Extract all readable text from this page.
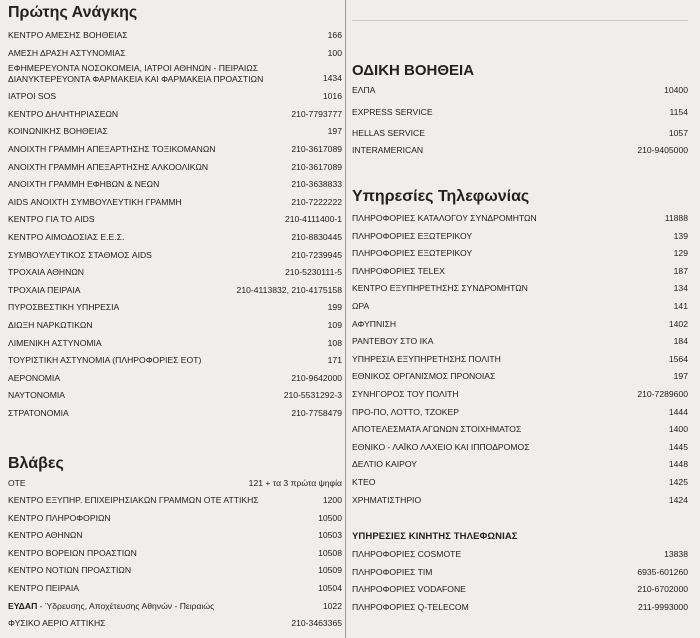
Πρώτης Ανάγκης
ΚΕΝΤΡΟ ΑΜΕΣΗΣ ΒΟΗΘΕΙΑΣ	166
ΑΜΕΣΗ ΔΡΑΣΗ ΑΣΤΥΝΟΜΙΑΣ	100
ΕΦΗΜΕΡΕΥΟΝΤΑ ΝΟΣΟΚΟΜΕΙΑ, ΙΑΤΡΟΙ ΑΘΗΝΩΝ - ΠΕΙΡΑΙΩΣ ΔΙΑΝΥΚΤΕΡΕΥΟΝΤΑ ΦΑΡΜΑΚΕΙΑ ΚΑΙ ΦΑΡΜΑΚΕΙΑ ΠΡΟΑΣΤΙΩΝ	1434
ΙΑΤΡΟΙ SOS	1016
ΚΕΝΤΡΟ ΔΗΛΗΤΗΡΙΑΣΕΩΝ	210-7793777
ΚΟΙΝΩΝΙΚΗΣ ΒΟΗΘΕΙΑΣ	197
ΑΝΟΙΧΤΗ ΓΡΑΜΜΗ ΑΠΕΞΑΡΤΗΣΗΣ ΤΟΞΙΚΟΜΑΝΩΝ	210-3617089
ΑΝΟΙΧΤΗ ΓΡΑΜΜΗ ΑΠΕΞΑΡΤΗΣΗΣ ΑΛΚΟΟΛΙΚΩΝ	210-3617089
ΑΝΟΙΧΤΗ ΓΡΑΜΜΗ ΕΦΗΒΩΝ & ΝΕΩΝ	210-3638833
AIDS ΑΝΟΙΧΤΗ ΣΥΜΒΟΥΛΕΥΤΙΚΗ ΓΡΑΜΜΗ	210-7222222
ΚΕΝΤΡΟ ΓΙΑ ΤΟ AIDS	210-4111400-1
ΚΕΝΤΡΟ ΑΙΜΟΔΟΣΙΑΣ Ε.Ε.Σ.	210-8830445
ΣΥΜΒΟΥΛΕΥΤΙΚΟΣ ΣΤΑΘΜΟΣ AIDS	210-7239945
ΤΡΟΧΑΙΑ ΑΘΗΝΩΝ	210-5230111-5
ΤΡΟΧΑΙΑ ΠΕΙΡΑΙΑ	210-4113832, 210-4175158
ΠΥΡΟΣΒΕΣΤΙΚΗ ΥΠΗΡΕΣΙΑ	199
ΔΙΩΞΗ ΝΑΡΚΩΤΙΚΩΝ	109
ΛΙΜΕΝΙΚΗ ΑΣΤΥΝΟΜΙΑ	108
ΤΟΥΡΙΣΤΙΚΗ ΑΣΤΥΝΟΜΙΑ (ΠΛΗΡΟΦΟΡΙΕΣ ΕΟΤ)	171
ΑΕΡΟΝΟΜΙΑ	210-9642000
ΝΑΥΤΟΝΟΜΙΑ	210-5531292-3
ΣΤΡΑΤΟΝΟΜΙΑ	210-7758479
Βλάβες
ΟΤΕ	121 + τα 3 πρώτα ψηφία
ΚΕΝΤΡΟ ΕΞΥΠΗΡ. ΕΠΙΧΕΙΡΗΣΙΑΚΩΝ ΓΡΑΜΜΩΝ ΟΤΕ ΑΤΤΙΚΗΣ	1200
ΚΕΝΤΡΟ ΠΛΗΡΟΦΟΡΙΩΝ	10500
ΚΕΝΤΡΟ ΑΘΗΝΩΝ	10503
ΚΕΝΤΡΟ ΒΟΡΕΙΩΝ ΠΡΟΑΣΤΙΩΝ	10508
ΚΕΝΤΡΟ ΝΟΤΙΩΝ ΠΡΟΑΣΤΙΩΝ	10509
ΚΕΝΤΡΟ ΠΕΙΡΑΙΑ	10504
ΕΥΔΑΠ - Ύδρευσης, Αποχέτευσης Αθηνών - Πειραιώς	1022
ΦΥΣΙΚΟ ΑΕΡΙΟ ΑΤΤΙΚΗΣ	210-3463365
ΟΔΙΚΗ ΒΟΗΘΕΙΑ
ΕΛΠΑ	10400
EXPRESS SERVICE	1154
HELLAS SERVICE	1057
INTERAMERICAN	210-9405000
Υπηρεσίες Τηλεφωνίας
ΠΛΗΡΟΦΟΡΙΕΣ ΚΑΤΑΛΟΓΟΥ ΣΥΝΔΡΟΜΗΤΩΝ	11888
ΠΛΗΡΟΦΟΡΙΕΣ ΕΞΩΤΕΡΙΚΟΥ	139
ΠΛΗΡΟΦΟΡΙΕΣ ΕΞΩΤΕΡΙΚΟΥ	129
ΠΛΗΡΟΦΟΡΙΕΣ TELEX	187
ΚΕΝΤΡΟ ΕΞΥΠΗΡΕΤΗΣΗΣ ΣΥΝΔΡΟΜΗΤΩΝ	134
ΩΡΑ	141
ΑΦΥΠΝΙΣΗ	1402
ΡΑΝΤΕΒΟΥ ΣΤΟ ΙΚΑ	184
ΥΠΗΡΕΣΙΑ ΕΞΥΠΗΡΕΤΗΣΗΣ ΠΟΛΙΤΗ	1564
ΕΘΝΙΚΟΣ ΟΡΓΑΝΙΣΜΟΣ ΠΡΟΝΟΙΑΣ	197
ΣΥΝΗΓΟΡΟΣ ΤΟΥ ΠΟΛΙΤΗ	210-7289600
ΠΡΟ-ΠΟ, ΛΟΤΤΟ, ΤΖΟΚΕΡ	1444
ΑΠΟΤΕΛΕΣΜΑΤΑ ΑΓΩΝΩΝ ΣΤΟΙΧΗΜΑΤΟΣ	1400
ΕΘΝΙΚΟ - ΛΑΪΚΟ ΛΑΧΕΙΟ ΚΑΙ ΙΠΠΟΔΡΟΜΟΣ	1445
ΔΕΛΤΙΟ ΚΑΙΡΟΥ	1448
ΚΤΕΟ	1425
ΧΡΗΜΑΤΙΣΤΗΡΙΟ	1424
ΥΠΗΡΕΣΙΕΣ ΚΙΝΗΤΗΣ ΤΗΛΕΦΩΝΙΑΣ
ΠΛΗΡΟΦΟΡΙΕΣ COSMOTE	13838
ΠΛΗΡΟΦΟΡΙΕΣ TIM	6935-601260
ΠΛΗΡΟΦΟΡΙΕΣ VODAFONE	210-6702000
ΠΛΗΡΟΦΟΡΙΕΣ Q-TELECOM	211-9993000
